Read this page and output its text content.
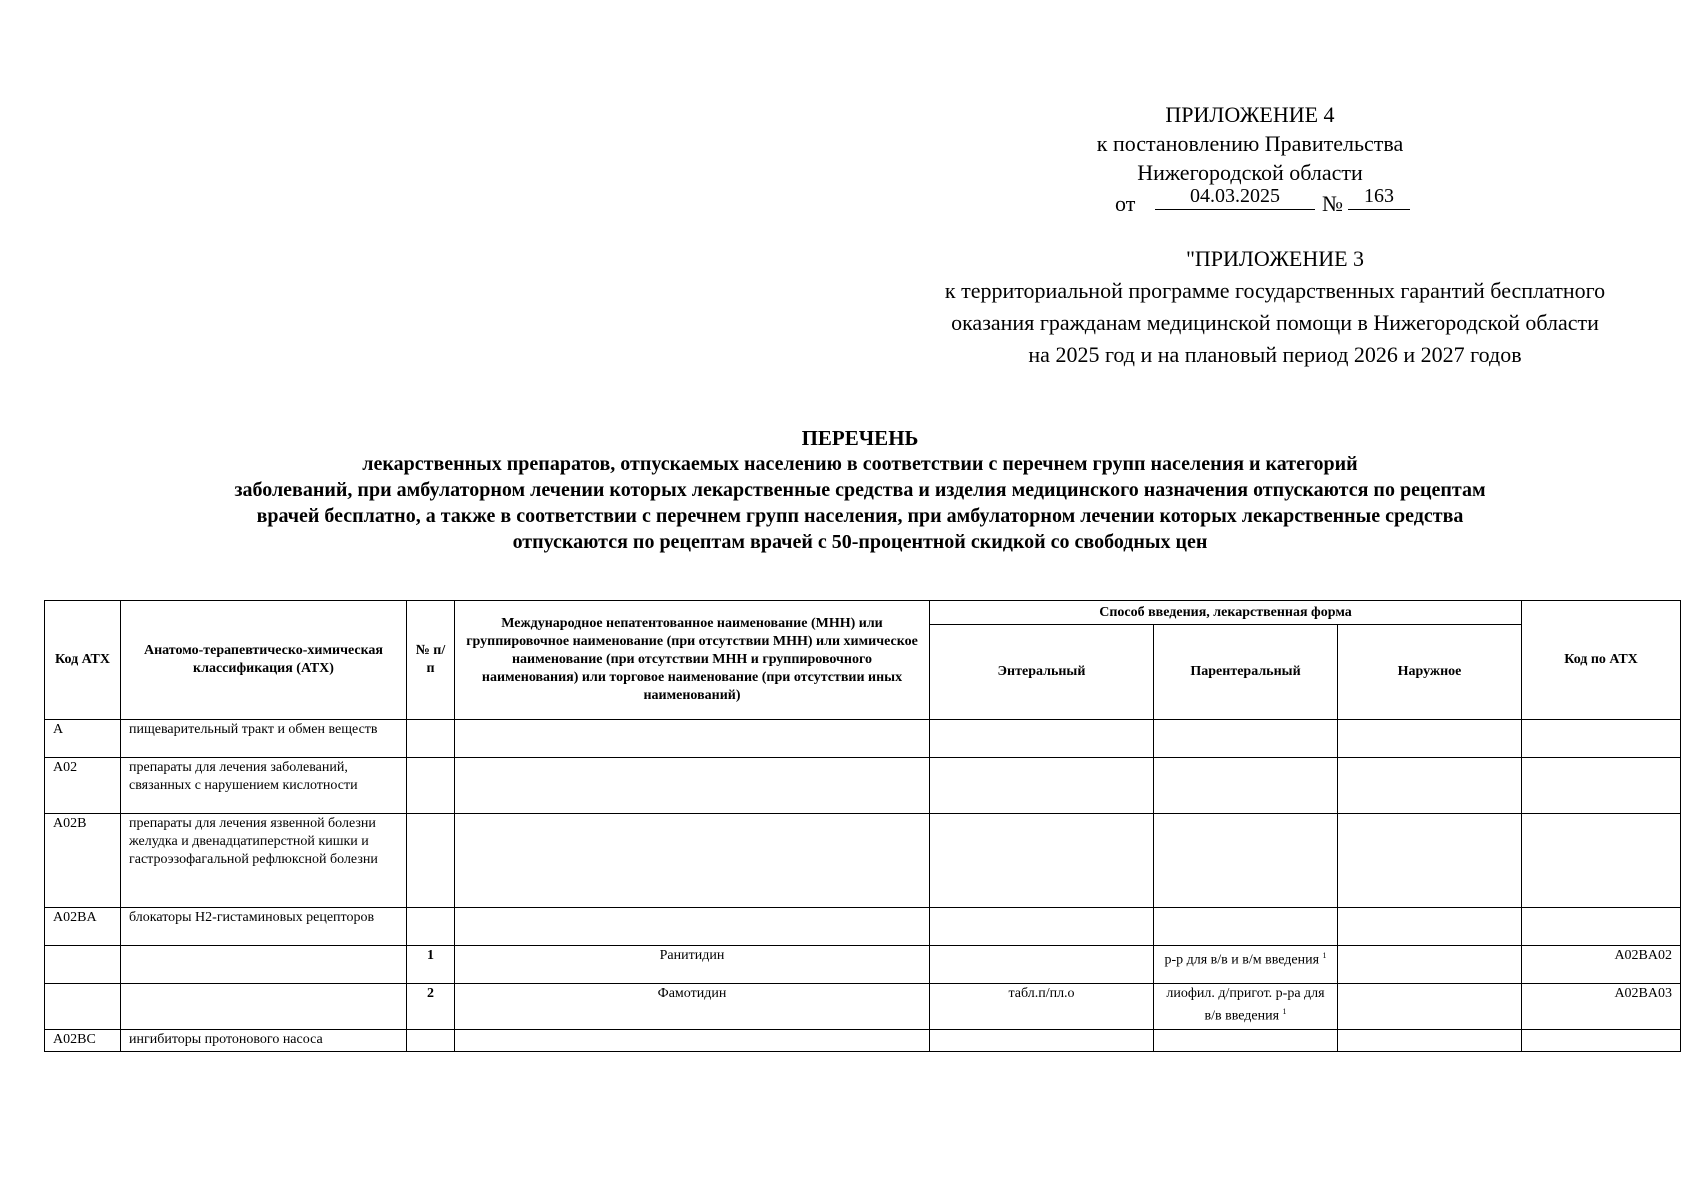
ПРИЛОЖЕНИЕ 4
к постановлению Правительства
Нижегородской области
от	04.03.2025	№	163
"ПРИЛОЖЕНИЕ 3
к территориальной программе государственных гарантий бесплатного
оказания гражданам медицинской помощи в Нижегородской области
на 2025 год и на плановый период 2026 и 2027 годов
ПЕРЕЧЕНЬ
лекарственных препаратов, отпускаемых населению в соответствии с перечнем групп населения и категорий
заболеваний, при амбулаторном лечении которых лекарственные средства и изделия медицинского назначения отпускаются по рецептам
врачей бесплатно, а также в соответствии с перечнем групп населения, при амбулаторном лечении которых лекарственные средства
отпускаются по рецептам врачей с 50-процентной скидкой со свободных цен
Код АТХ	Анатомо-терапевтическо-химическая классификация (АТХ)	№ п/п	Международное непатентованное наименование (МНН) или группировочное наименование (при отсутствии МНН) или химическое наименование (при отсутствии МНН и группировочного наименования) или торговое наименование (при отсутствии иных наименований)	Способ введения, лекарственная форма			Код по АТХ
				Энтеральный	Парентеральный	Наружное	
A	пищеварительный тракт и обмен веществ						
A02	препараты для лечения заболеваний, связанных с нарушением кислотности						
A02B	препараты для лечения язвенной болезни желудка и двенадцатиперстной кишки и гастроэзофагальной рефлюксной болезни						
A02BA	блокаторы Н2-гистаминовых рецепторов						
		1	Ранитидин		р-р для в/в и в/м введения $^1$		A02BA02
		2	Фамотидин	табл.п/пл.о	лиофил. д/пригот. р-ра для в/в введения $^1$		A02BA03
A02BC	ингибиторы протонового насоса						
